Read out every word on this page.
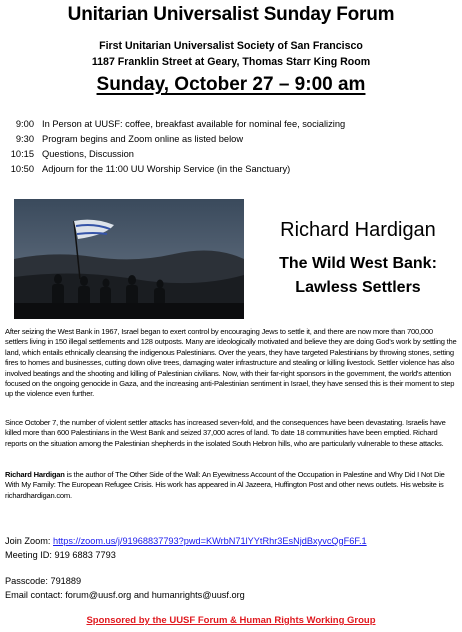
Unitarian Universalist Sunday Forum
First Unitarian Universalist Society of San Francisco
1187 Franklin Street at Geary, Thomas Starr King Room
Sunday, October 27 – 9:00 am
9:00 In Person at UUSF: coffee, breakfast available for nominal fee, socializing
9:30 Program begins and Zoom online as listed below
10:15 Questions, Discussion
10:50 Adjourn for the 11:00 UU Worship Service (in the Sanctuary)
Richard Hardigan
The Wild West Bank:
Lawless Settlers
After seizing the West Bank in 1967, Israel began to exert control by encouraging Jews to settle it, and there are now more than 700,000 settlers living in 150 illegal settlements and 128 outposts. Many are ideologically motivated and believe they are doing God's work by settling the land, which entails ethnically cleansing the indigenous Palestinians. Over the years, they have targeted Palestinians by throwing stones, setting fires to homes and businesses, cutting down olive trees, damaging water infrastructure and stealing or killing livestock. Settler violence has also involved beatings and the shooting and killing of Palestinian civilians. Now, with their far-right sponsors in the government, the world's attention focused on the ongoing genocide in Gaza, and the increasing anti-Palestinian sentiment in Israel, they have sensed this is their moment to step up the violence even further.
Since October 7, the number of violent settler attacks has increased seven-fold, and the consequences have been devastating. Israelis have killed more than 600 Palestinians in the West Bank and seized 37,000 acres of land. To date 18 communities have been emptied. Richard reports on the situation among the Palestinian shepherds in the isolated South Hebron hills, who are particularly vulnerable to these attacks.
Richard Hardigan is the author of The Other Side of the Wall: An Eyewitness Account of the Occupation in Palestine and Why Did I Not Die With My Family: The European Refugee Crisis. His work has appeared in Al Jazeera, Huffington Post and other news outlets. His website is richardhardigan.com.
Join Zoom: https://zoom.us/j/91968837793?pwd=KWrbN71lYYtRhr3EsNjdBxyvcQgF6F.1
Meeting ID: 919 6883 7793
Passcode: 791889
Email contact: forum@uusf.org and humanrights@uusf.org
Sponsored by the UUSF Forum & Human Rights Working Group
